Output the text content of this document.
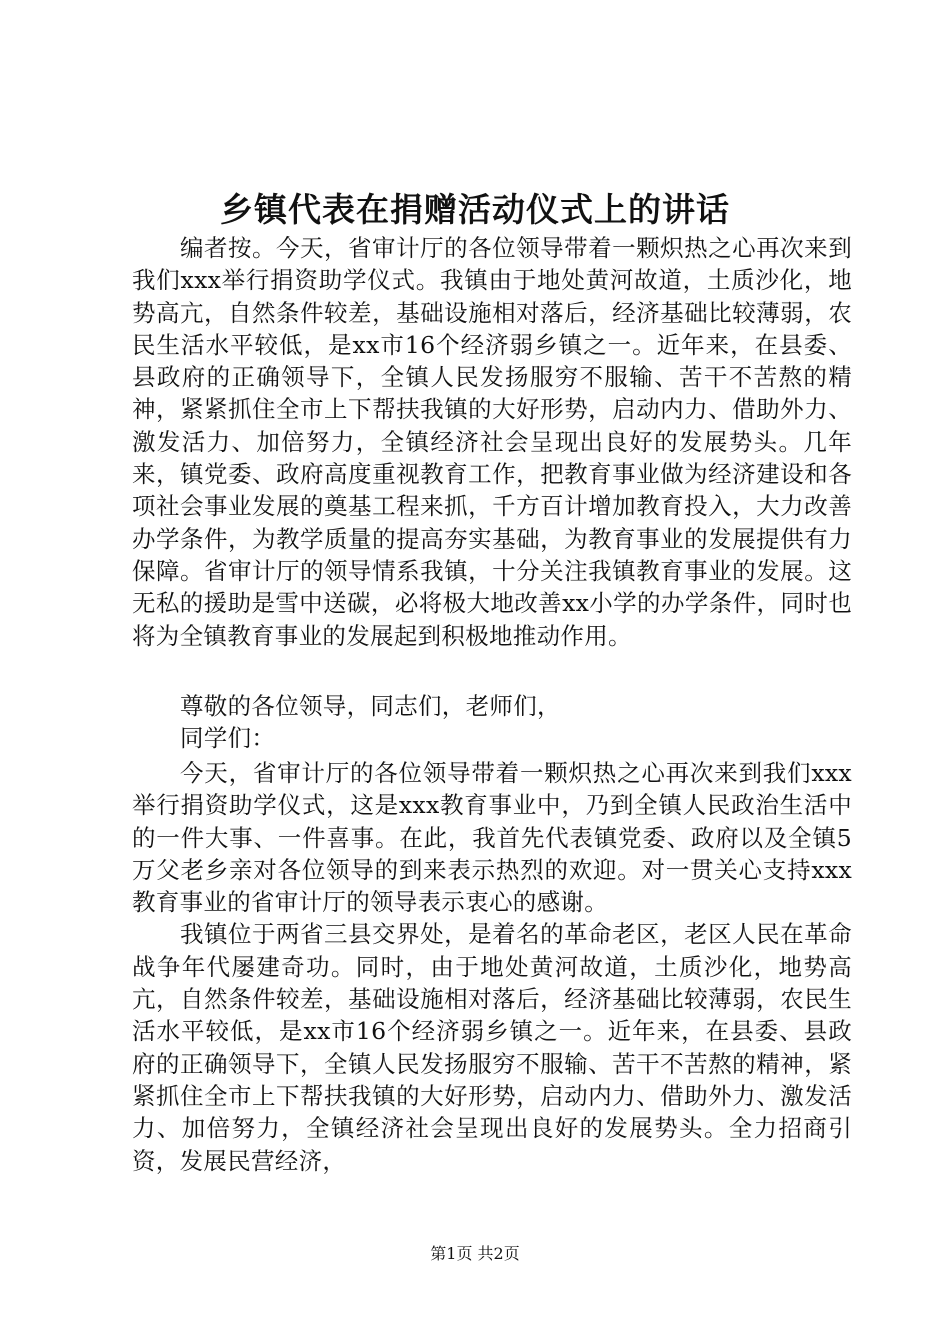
乡镇代表在捐赠活动仪式上的讲话

编者按。今天，省审计厅的各位领导带着一颗炽热之心再次来到我们xxx举行捐资助学仪式。我镇由于地处黄河故道，土质沙化，地势高亢，自然条件较差，基础设施相对落后，经济基础比较薄弱，农民生活水平较低，是xx市16个经济弱乡镇之一。近年来，在县委、县政府的正确领导下，全镇人民发扬服穷不服输、苦干不苦熬的精神，紧紧抓住全市上下帮扶我镇的大好形势，启动内力、借助外力、激发活力、加倍努力，全镇经济社会呈现出良好的发展势头。几年来，镇党委、政府高度重视教育工作，把教育事业做为经济建设和各项社会事业发展的奠基工程来抓，千方百计增加教育投入，大力改善办学条件，为教学质量的提高夯实基础，为教育事业的发展提供有力保障。省审计厅的领导情系我镇，十分关注我镇教育事业的发展。这无私的援助是雪中送碳，必将极大地改善xx小学的办学条件，同时也将为全镇教育事业的发展起到积极地推动作用。

尊敬的各位领导，同志们，老师们，

同学们：

今天，省审计厅的各位领导带着一颗炽热之心再次来到我们xxx举行捐资助学仪式，这是xxx教育事业中，乃到全镇人民政治生活中的一件大事、一件喜事。在此，我首先代表镇党委、政府以及全镇5万父老乡亲对各位领导的到来表示热烈的欢迎。对一贯关心支持xxx教育事业的省审计厅的领导表示衷心的感谢。

我镇位于两省三县交界处，是着名的革命老区，老区人民在革命战争年代屡建奇功。同时，由于地处黄河故道，土质沙化，地势高亢，自然条件较差，基础设施相对落后，经济基础比较薄弱，农民生活水平较低，是xx市16个经济弱乡镇之一。近年来，在县委、县政府的正确领导下，全镇人民发扬服穷不服输、苦干不苦熬的精神，紧紧抓住全市上下帮扶我镇的大好形势，启动内力、借助外力、激发活力、加倍努力，全镇经济社会呈现出良好的发展势头。全力招商引资，发展民营经济，

第1页 共2页
